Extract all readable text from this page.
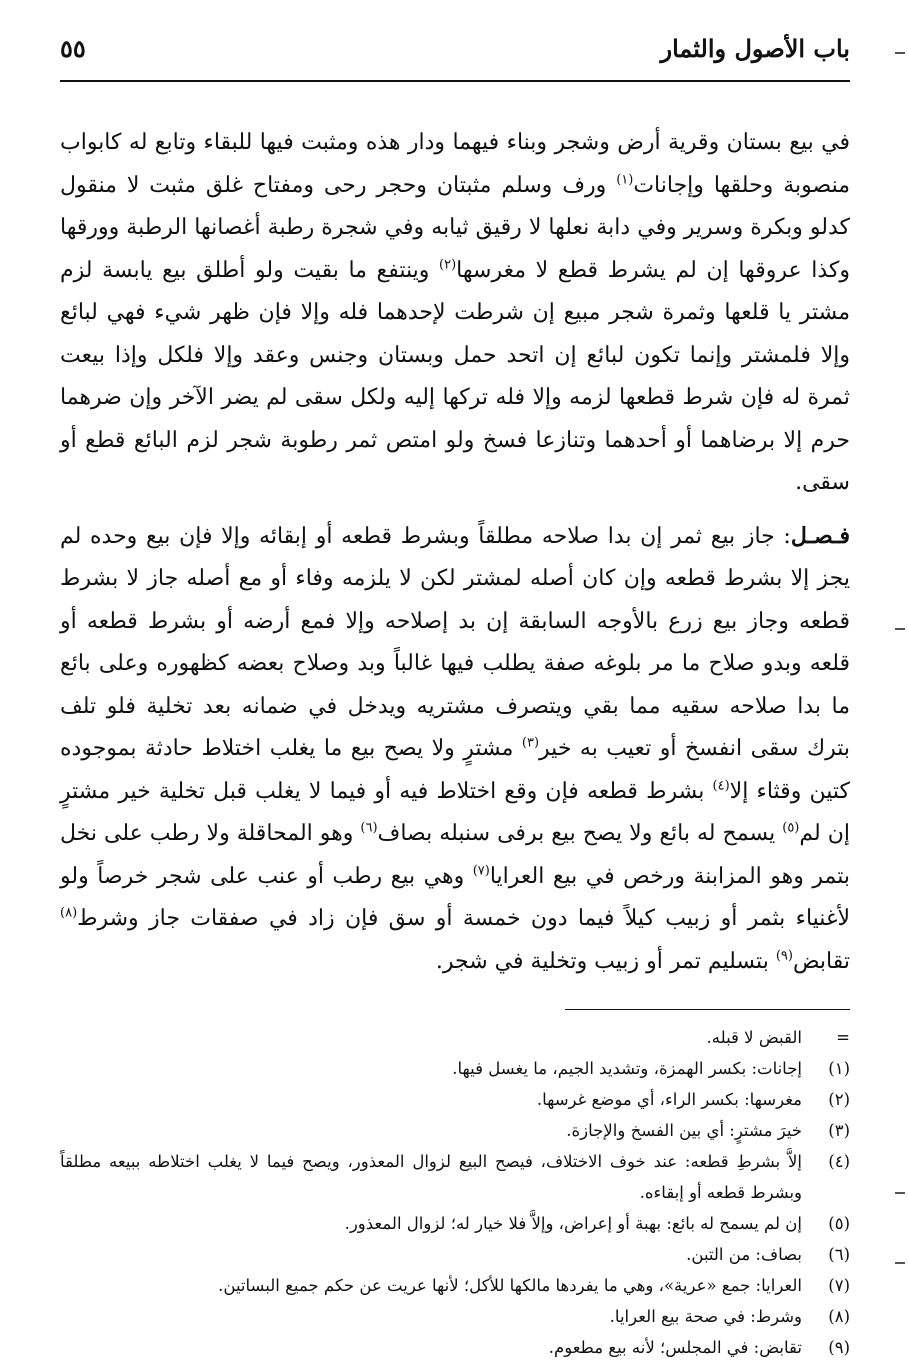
٥٥	باب الأصول والثمار

في بيع بستان وقرية أرض وشجر وبناء فيهما ودار هذه ومثبت فيها للبقاء وتابع له كابواب منصوبة وحلقها وإجانات$^{(١)}$ ورف وسلم مثبتان وحجر رحى ومفتاح غلق مثبت لا منقول كدلو وبكرة وسرير وفي دابة نعلها لا رقيق ثيابه وفي شجرة رطبة أغصانها الرطبة وورقها وكذا عروقها إن لم يشرط قطع لا مغرسها$^{(٢)}$ وينتفع ما بقيت ولو أطلق بيع يابسة لزم مشتر يا قلعها وثمرة شجر مبيع إن شرطت لإحدهما فله وإلا فإن ظهر شيء فهي لبائع وإلا فلمشتر وإنما تكون لبائع إن اتحد حمل وبستان وجنس وعقد وإلا فلكل وإذا بيعت ثمرة له فإن شرط قطعها لزمه وإلا فله تركها إليه ولكل سقى لم يضر الآخر وإن ضرهما حرم إلا برضاهما أو أحدهما وتنازعا فسخ ولو امتص ثمر رطوبة شجر لزم البائع قطع أو سقى.

فـصـل: جاز بيع ثمر إن بدا صلاحه مطلقاً وبشرط قطعه أو إبقائه وإلا فإن بيع وحده لم يجز إلا بشرط قطعه وإن كان أصله لمشتر لكن لا يلزمه وفاء أو مع أصله جاز لا بشرط قطعه وجاز بيع زرع بالأوجه السابقة إن بد إصلاحه وإلا فمع أرضه أو بشرط قطعه أو قلعه وبدو صلاح ما مر بلوغه صفة يطلب فيها غالباً وبد وصلاح بعضه كظهوره وعلى بائع ما بدا صلاحه سقيه مما بقي ويتصرف مشتريه ويدخل في ضمانه بعد تخلية فلو تلف بترك سقى انفسخ أو تعيب به خير$^{(٣)}$ مشترٍ ولا يصح بيع ما يغلب اختلاط حادثة بموجوده كتين وقثاء إلا$^{(٤)}$ بشرط قطعه فإن وقع اختلاط فيه أو فيما لا يغلب قبل تخلية خير مشترٍ إن لم$^{(٥)}$ يسمح له بائع ولا يصح بيع برفى سنبله بصاف$^{(٦)}$ وهو المحاقلة ولا رطب على نخل بتمر وهو المزابنة ورخص في بيع العرايا$^{(٧)}$ وهي بيع رطب أو عنب على شجر خرصاً ولو لأغنياء بثمر أو زبيب كيلاً فيما دون خمسة أو سق فإن زاد في صفقات جاز وشرط$^{(٨)}$ تقابض$^{(٩)}$ بتسليم تمر أو زبيب وتخلية في شجر.

=
القبض لا قبله.
(١)
إجانات: بكسر الهمزة، وتشديد الجيم، ما يغسل فيها.
(٢)
مغرسها: بكسر الراء، أي موضع غرسها.
(٣)
خيرَ مشترٍ: أي بين الفسخ والإجازة.
(٤)
إلاَّ بشرطِ قطعه: عند خوف الاختلاف، فيصح البيع لزوال المعذور، ويصح فيما لا يغلب اختلاطه ببيعه مطلقاً وبشرط قطعه أو إبقاءه.
(٥)
إن لم يسمح له بائع: بهبة أو إعراض، وإلاَّ فلا خيار له؛ لزوال المعذور.
(٦)
بصاف: من التبن.
(٧)
العرايا: جمع «عرية»، وهي ما يفردها مالكها للأكل؛ لأنها عريت عن حكم جميع البساتين.
(٨)
وشرط: في صحة بيع العرايا.
(٩)
تقابض: في المجلس؛ لأنه بيع مطعوم.
